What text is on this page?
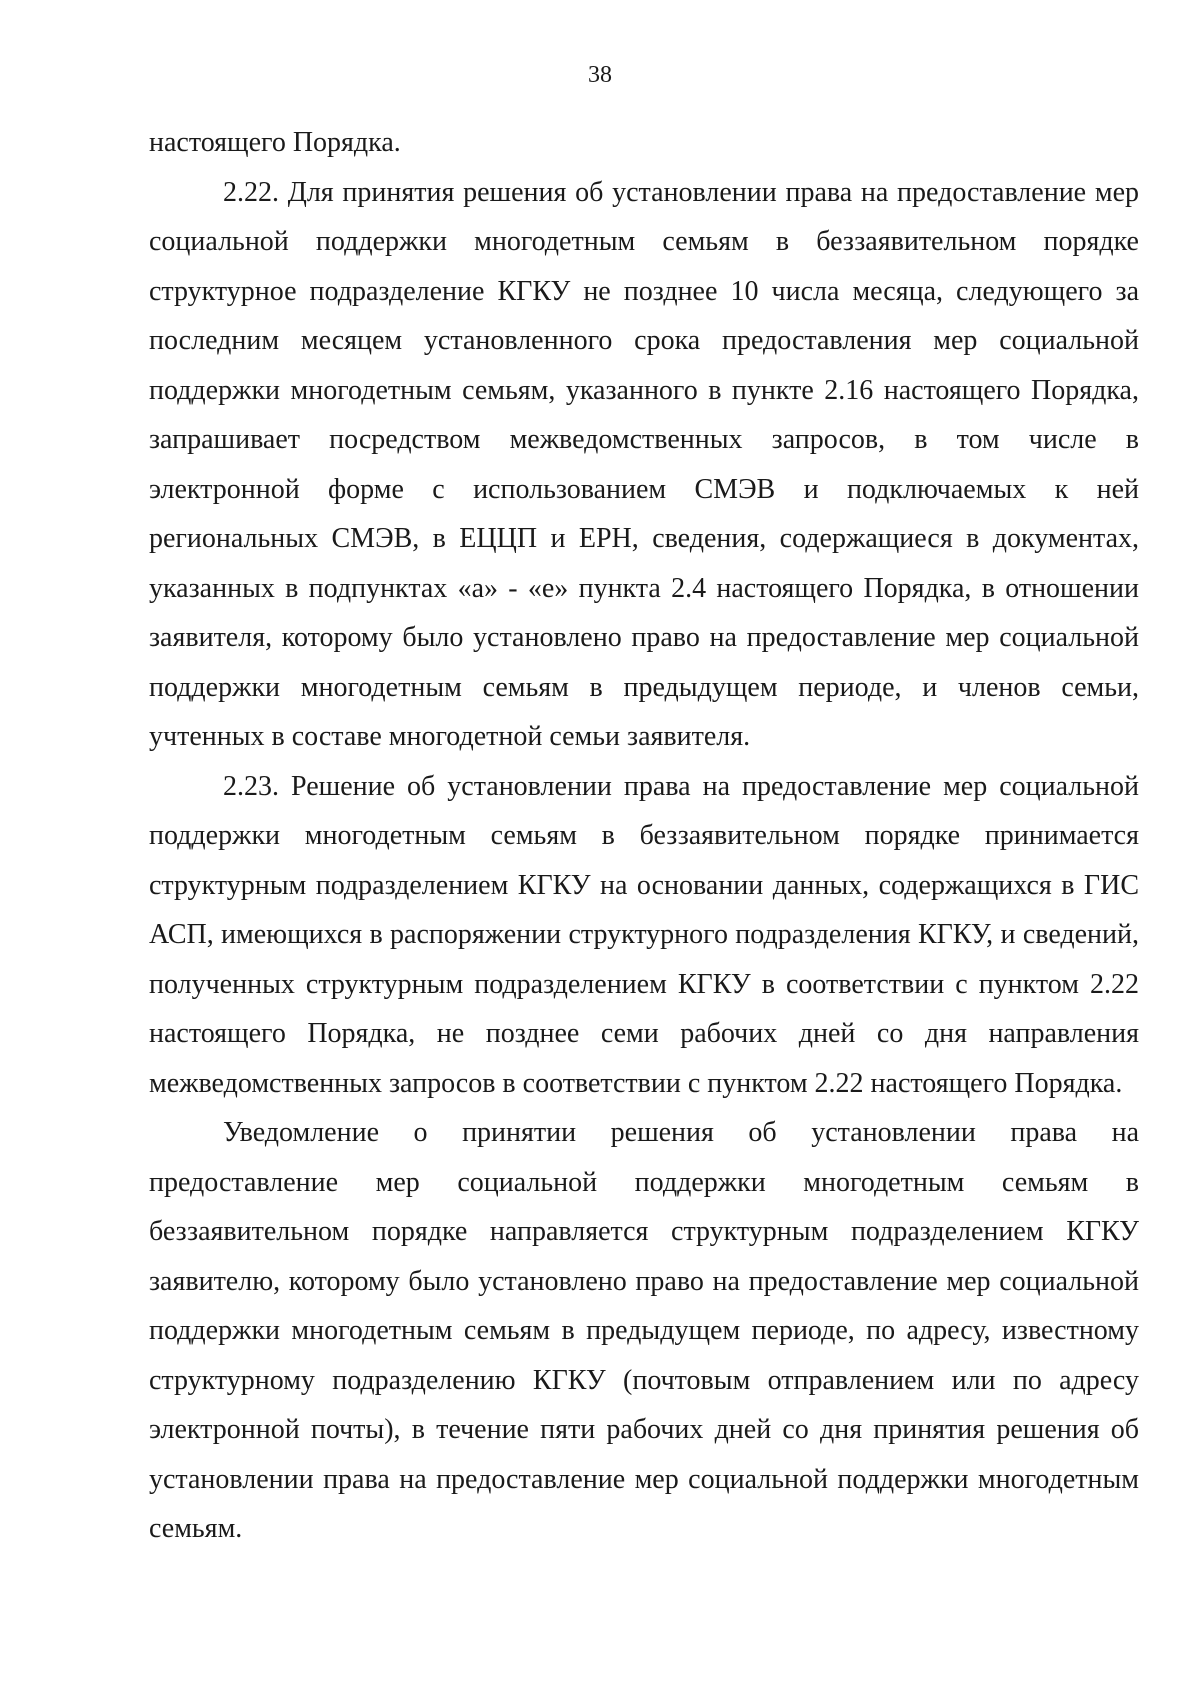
38

настоящего Порядка.

2.22. Для принятия решения об установлении права на предоставление мер социальной поддержки многодетным семьям в беззаявительном порядке структурное подразделение КГКУ не позднее 10 числа месяца, следующего за последним месяцем установленного срока предоставления мер социальной поддержки многодетным семьям, указанного в пункте 2.16 настоящего Порядка, запрашивает посредством межведомственных запросов, в том числе в электронной форме с использованием СМЭВ и подключаемых к ней региональных СМЭВ, в ЕЦЦП и ЕРН, сведения, содержащиеся в документах, указанных в подпунктах «а» - «е» пункта 2.4 настоящего Порядка, в отношении заявителя, которому было установлено право на предоставление мер социальной поддержки многодетным семьям в предыдущем периоде, и членов семьи, учтенных в составе многодетной семьи заявителя.

2.23. Решение об установлении права на предоставление мер социальной поддержки многодетным семьям в беззаявительном порядке принимается структурным подразделением КГКУ на основании данных, содержащихся в ГИС АСП, имеющихся в распоряжении структурного подразделения КГКУ, и сведений, полученных структурным подразделением КГКУ в соответствии с пунктом 2.22 настоящего Порядка, не позднее семи рабочих дней со дня направления межведомственных запросов в соответствии с пунктом 2.22 настоящего Порядка.

Уведомление о принятии решения об установлении права на предоставление мер социальной поддержки многодетным семьям в беззаявительном порядке направляется структурным подразделением КГКУ заявителю, которому было установлено право на предоставление мер социальной поддержки многодетным семьям в предыдущем периоде, по адресу, известному структурному подразделению КГКУ (почтовым отправлением или по адресу электронной почты), в течение пяти рабочих дней со дня принятия решения об установлении права на предоставление мер социальной поддержки многодетным семьям.
